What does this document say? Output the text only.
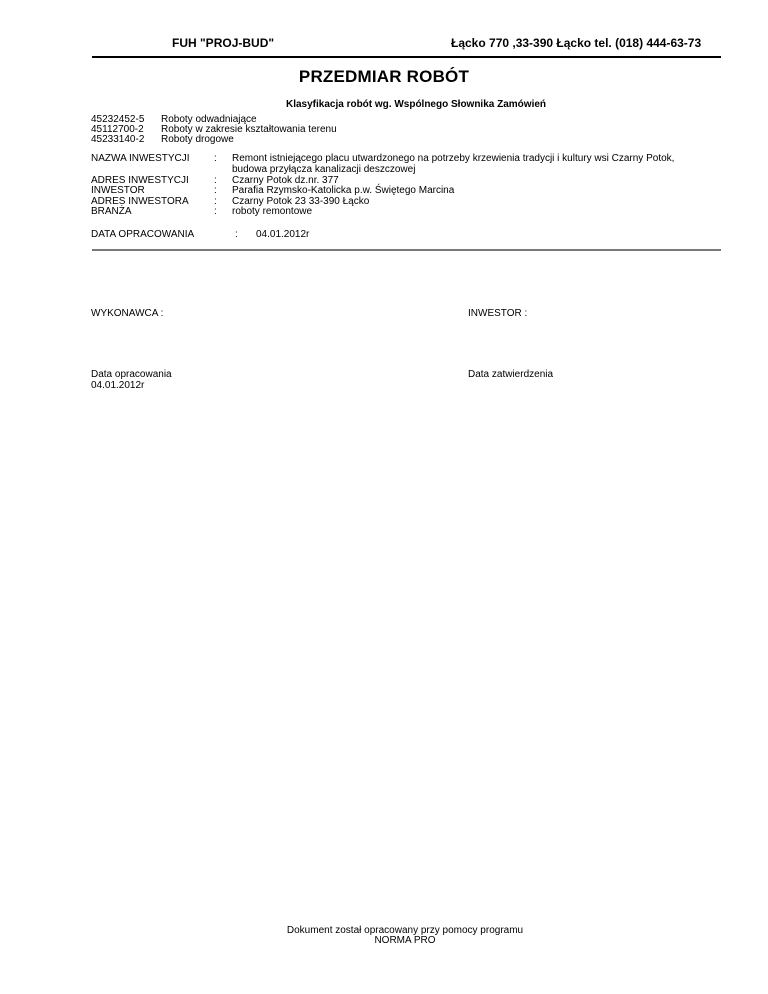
FUH "PROJ-BUD"	Łącko 770 ,33-390 Łącko tel. (018) 444-63-73
PRZEDMIAR ROBÓT
Klasyfikacja robót wg. Wspólnego Słownika Zamówień
45232452-5	Roboty odwadniające
45112700-2	Roboty w zakresie kształtowania terenu
45233140-2	Roboty drogowe
NAZWA INWESTYCJI : Remont istniejącego placu utwardzonego na potrzeby krzewienia tradycji i kultury wsi Czarny Potok,
budowa przyłącza kanalizacji deszczowej
ADRES INWESTYCJI	: Czarny Potok dz.nr. 377
INWESTOR	: Parafia Rzymsko-Katolicka p.w. Świętego Marcina
ADRES INWESTORA	: Czarny Potok 23 33-390 Łącko
BRANŻA	: roboty remontowe
DATA OPRACOWANIA	: 04.01.2012r
WYKONAWCA :	INWESTOR :
Data opracowania
04.01.2012r
Data zatwierdzenia
Dokument został opracowany przy pomocy programu
NORMA PRO
